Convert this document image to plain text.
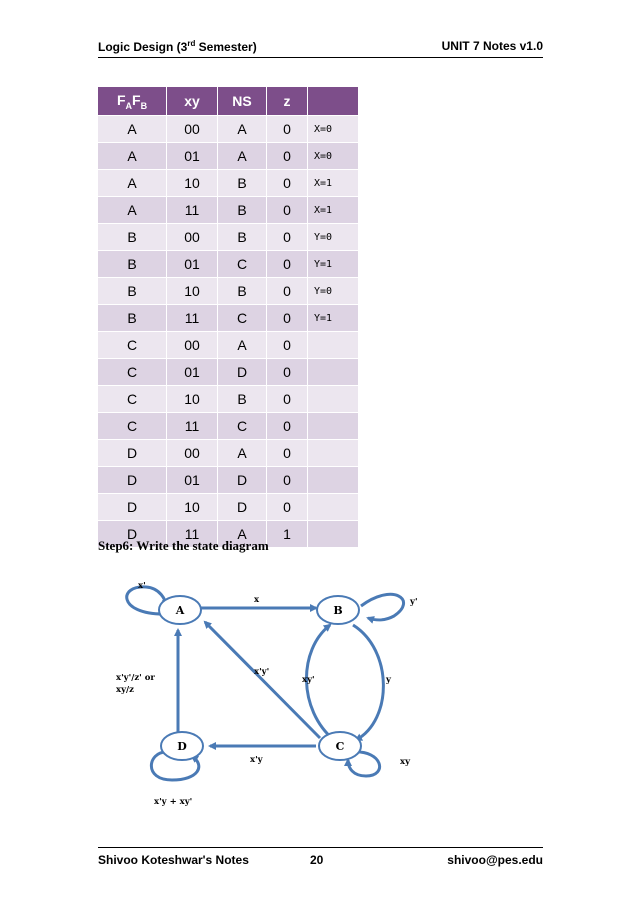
Logic Design (3rd Semester)	UNIT 7 Notes v1.0
$F_AF_B$	xy	NS	z	
A	00	A	0	X=0
A	01	A	0	X=0
A	10	B	0	X=1
A	11	B	0	X=1
B	00	B	0	Y=0
B	01	C	0	Y=1
B	10	B	0	Y=0
B	11	C	0	Y=1
C	00	A	0	
C	01	D	0	
C	10	B	0	
C	11	C	0	
D	00	A	0	
D	01	D	0	
D	10	D	0	
D	11	A	1	
Step6: Write the state diagram
A	B
C
D
x'
y'
xy
x'y + xy'
x
y
xy'
x'y'
x'y
x'y'/z' or
xy/z
Shivoo Koteshwar's Notes	20	shivoo@pes.edu
